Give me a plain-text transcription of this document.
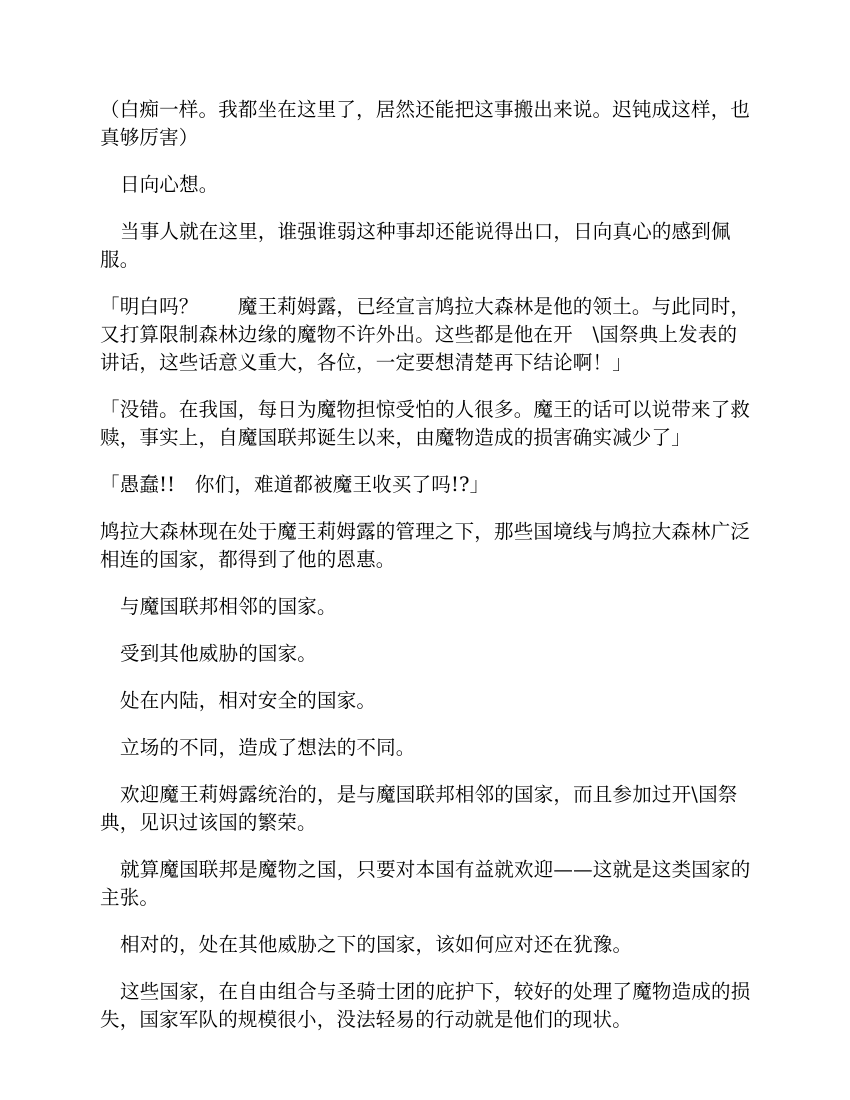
（白痴一样。我都坐在这里了，居然还能把这事搬出来说。迟钝成这样，也真够厉害）

日向心想。

当事人就在这里，谁强谁弱这种事却还能说得出口，日向真心的感到佩服。

「明白吗？　　魔王莉姆露，已经宣言鸠拉大森林是他的领土。与此同时，又打算限制森林边缘的魔物不许外出。这些都是他在开　\国祭典上发表的讲话，这些话意义重大，各位，一定要想清楚再下结论啊！」

「没错。在我国，每日为魔物担惊受怕的人很多。魔王的话可以说带来了救赎，事实上，自魔国联邦诞生以来，由魔物造成的损害确实减少了」

「愚蠢!!　你们，难道都被魔王收买了吗!?」

鸠拉大森林现在处于魔王莉姆露的管理之下，那些国境线与鸠拉大森林广泛相连的国家，都得到了他的恩惠。

与魔国联邦相邻的国家。

受到其他威胁的国家。

处在内陆，相对安全的国家。

立场的不同，造成了想法的不同。

欢迎魔王莉姆露统治的，是与魔国联邦相邻的国家，而且参加过开\国祭典，见识过该国的繁荣。

就算魔国联邦是魔物之国，只要对本国有益就欢迎——这就是这类国家的主张。

相对的，处在其他威胁之下的国家，该如何应对还在犹豫。

这些国家，在自由组合与圣骑士团的庇护下，较好的处理了魔物造成的损失，国家军队的规模很小，没法轻易的行动就是他们的现状。
